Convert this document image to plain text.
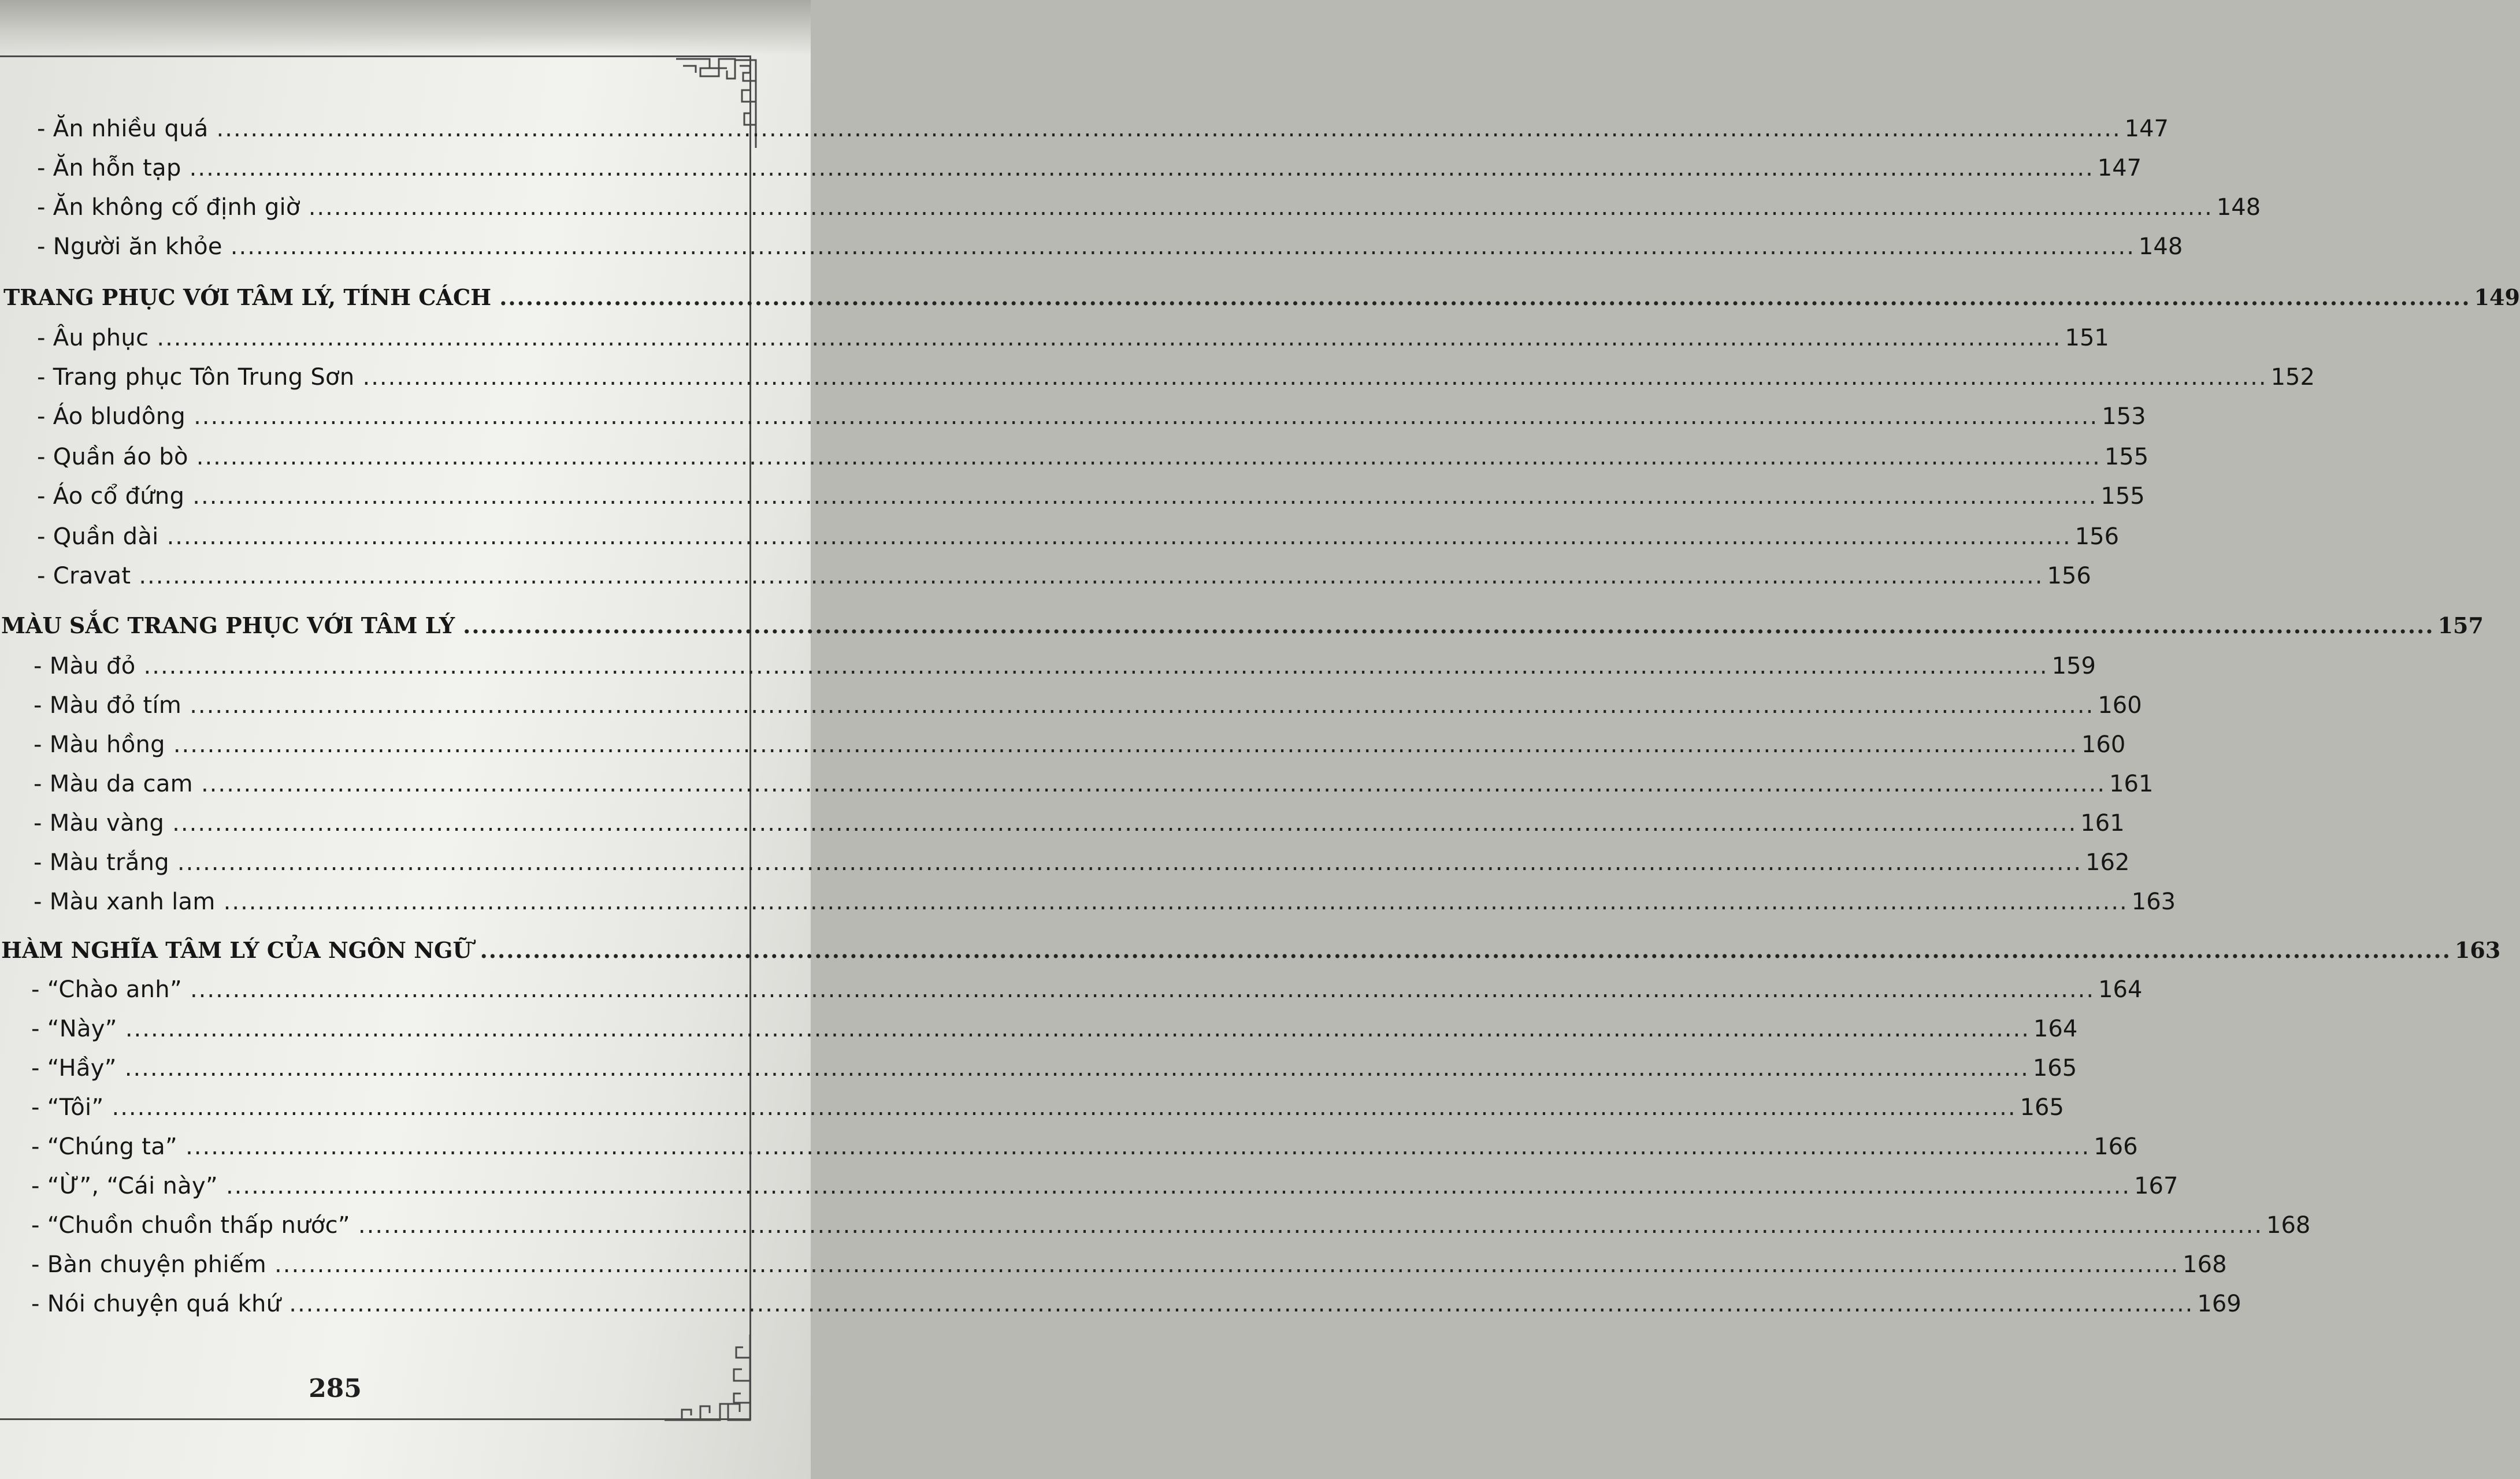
- Ăn nhiều quá ................................................................................................................................................................................................................................ 147
- Ăn hỗn tạp ................................................................................................................................................................................................................................ 147
- Ăn không cố định giờ ................................................................................................................................................................................................................................ 148
- Người ăn khỏe ................................................................................................................................................................................................................................ 148
TRANG PHỤC VỚI TÂM LÝ, TÍNH CÁCH ................................................................................................................................................................................................................................ 149
- Âu phục ................................................................................................................................................................................................................................ 151
- Trang phục Tôn Trung Sơn ................................................................................................................................................................................................................................ 152
- Áo bludông ................................................................................................................................................................................................................................ 153
- Quần áo bò ................................................................................................................................................................................................................................ 155
- Áo cổ đứng ................................................................................................................................................................................................................................ 155
- Quần dài ................................................................................................................................................................................................................................ 156
- Cravat ................................................................................................................................................................................................................................ 156
MÀU SẮC TRANG PHỤC VỚI TÂM LÝ ................................................................................................................................................................................................................................ 157
- Màu đỏ ................................................................................................................................................................................................................................ 159
- Màu đỏ tím ................................................................................................................................................................................................................................ 160
- Màu hồng ................................................................................................................................................................................................................................ 160
- Màu da cam ................................................................................................................................................................................................................................ 161
- Màu vàng ................................................................................................................................................................................................................................ 161
- Màu trắng ................................................................................................................................................................................................................................ 162
- Màu xanh lam ................................................................................................................................................................................................................................ 163
HÀM NGHĨA TÂM LÝ CỦA NGÔN NGỮ ................................................................................................................................................................................................................................ 163
- “Chào anh” ................................................................................................................................................................................................................................ 164
- “Này” ................................................................................................................................................................................................................................ 164
- “Hầy” ................................................................................................................................................................................................................................ 165
- “Tôi” ................................................................................................................................................................................................................................ 165
- “Chúng ta” ................................................................................................................................................................................................................................ 166
- “Ừ”, “Cái này” ................................................................................................................................................................................................................................ 167
- “Chuồn chuồn thấp nước” ................................................................................................................................................................................................................................ 168
- Bàn chuyện phiếm ................................................................................................................................................................................................................................ 168
- Nói chuyện quá khứ ................................................................................................................................................................................................................................ 169
285
